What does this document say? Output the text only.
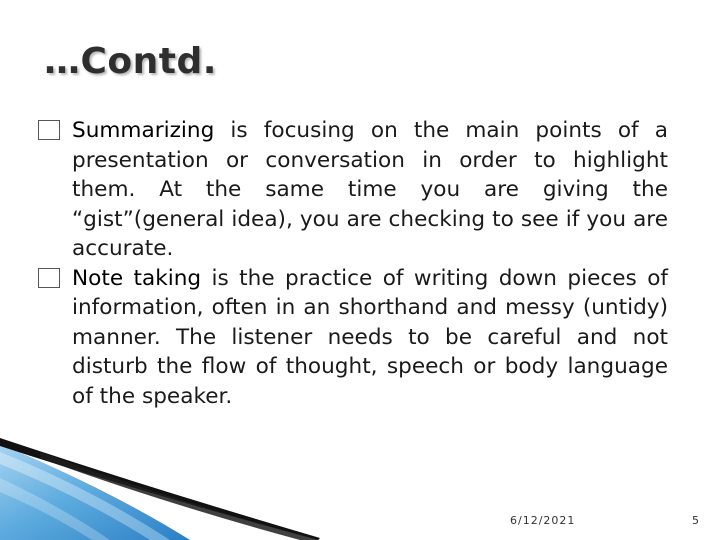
…Contd.

Summarizing is focusing on the main points of a presentation or conversation in order to highlight them. At the same time you are giving the “gist”(general idea), you are checking to see if you are accurate.

Note taking is the practice of writing down pieces of information, often in an shorthand and messy (untidy) manner. The listener needs to be careful and not disturb the flow of thought, speech or body language of the speaker.

6/12/2021	5
